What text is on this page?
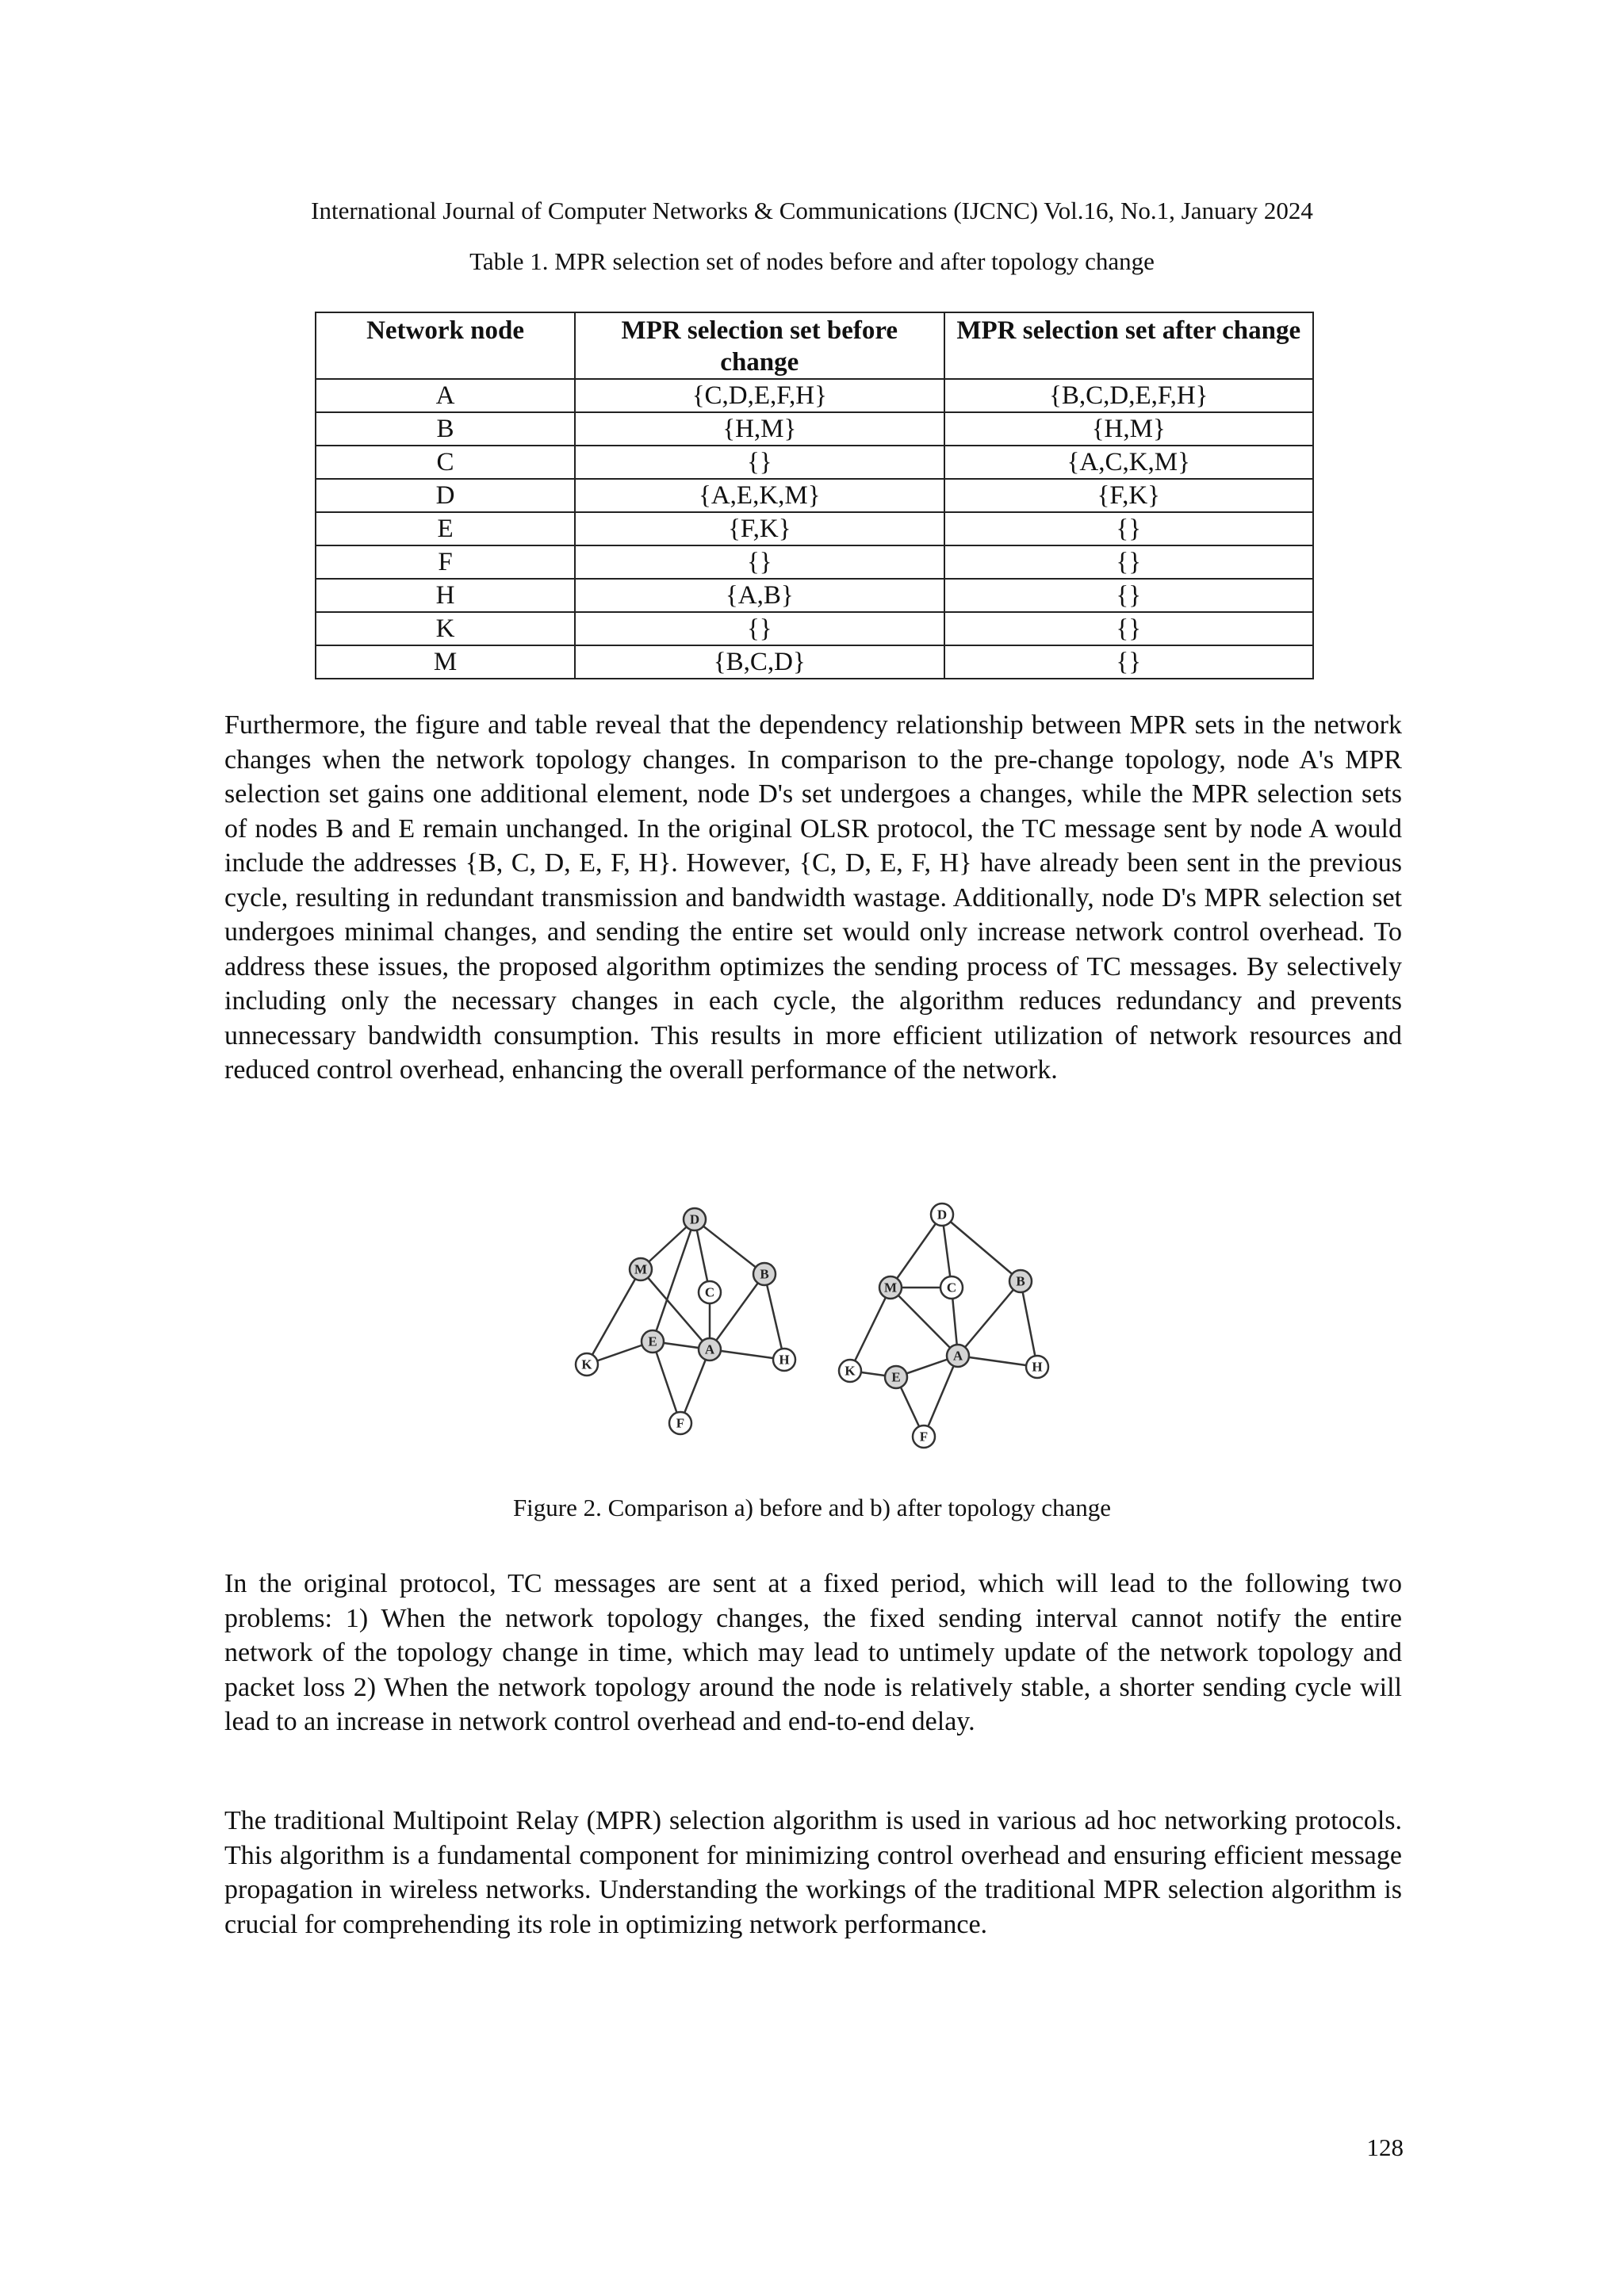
International Journal of Computer Networks & Communications (IJCNC) Vol.16, No.1, January 2024
Table 1. MPR selection set of nodes before and after topology change
Network node	MPR selection set before change	MPR selection set after change
A	{C,D,E,F,H}	{B,C,D,E,F,H}
B	{H,M}	{H,M}
C	{}	{A,C,K,M}
D	{A,E,K,M}	{F,K}
E	{F,K}	{}
F	{}	{}
H	{A,B}	{}
K	{}	{}
M	{B,C,D}	{}

Furthermore, the figure and table reveal that the dependency relationship between MPR sets in the network changes when the network topology changes. In comparison to the pre-change topology, node A's MPR selection set gains one additional element, node D's set undergoes a changes, while the MPR selection sets of nodes B and E remain unchanged. In the original OLSR protocol, the TC message sent by node A would include the addresses {B, C, D, E, F, H}. However, {C, D, E, F, H} have already been sent in the previous cycle, resulting in redundant transmission and bandwidth wastage. Additionally, node D's MPR selection set undergoes minimal changes, and sending the entire set would only increase network control overhead. To address these issues, the proposed algorithm optimizes the sending process of TC messages. By selectively including only the necessary changes in each cycle, the algorithm reduces redundancy and prevents unnecessary bandwidth consumption. This results in more efficient utilization of network resources and reduced control overhead, enhancing the overall performance of the network.

D
M
C
B
E
A
K	H
F
D
M	C	B
E
A
K	H
F
Figure 2. Comparison a) before and b) after topology change

In the original protocol, TC messages are sent at a fixed period, which will lead to the following two problems: 1) When the network topology changes, the fixed sending interval cannot notify the entire network of the topology change in time, which may lead to untimely update of the network topology and packet loss 2) When the network topology around the node is relatively stable, a shorter sending cycle will lead to an increase in network control overhead and end-to-end delay.

The traditional Multipoint Relay (MPR) selection algorithm is used in various ad hoc networking protocols. This algorithm is a fundamental component for minimizing control overhead and ensuring efficient message propagation in wireless networks. Understanding the workings of the traditional MPR selection algorithm is crucial for comprehending its role in optimizing network performance.

128
